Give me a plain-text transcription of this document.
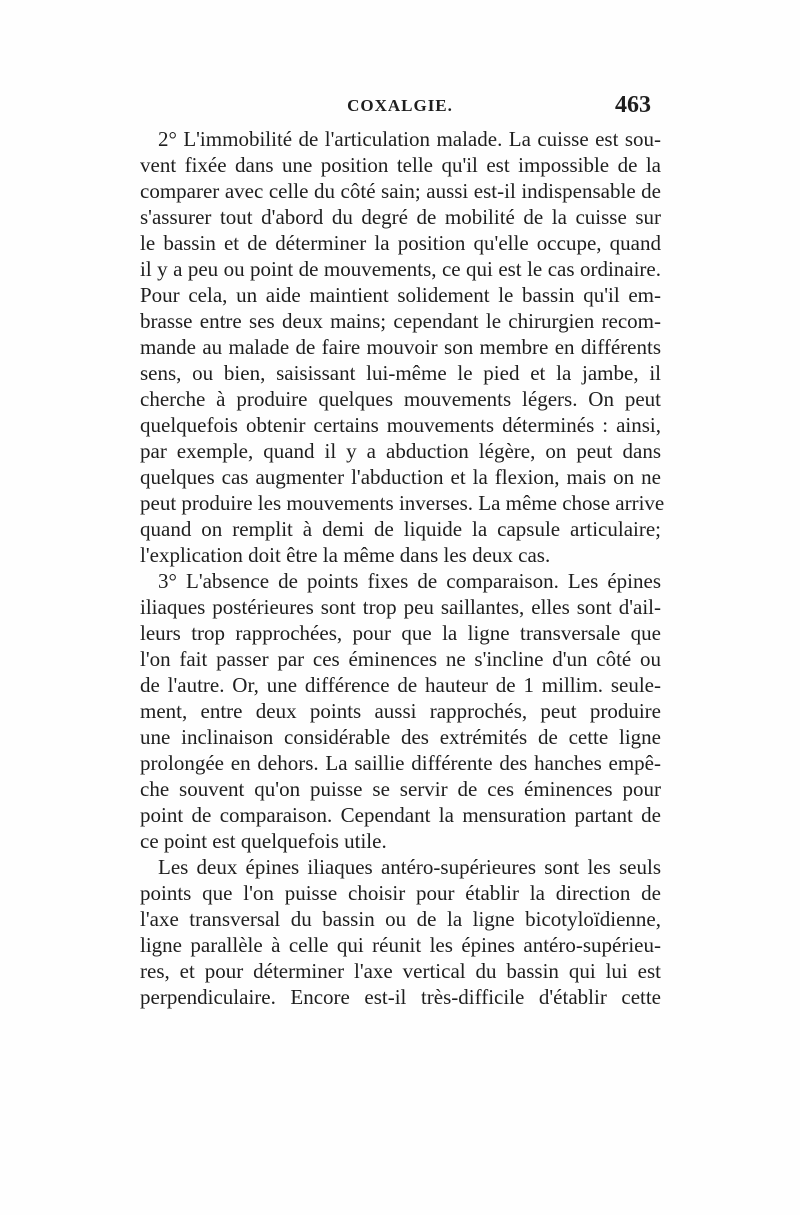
COXALGIE.	463
2° L'immobilité de l'articulation malade. La cuisse est sou-
vent fixée dans une position telle qu'il est impossible de la
comparer avec celle du côté sain; aussi est-il indispensable de
s'assurer tout d'abord du degré de mobilité de la cuisse sur
le bassin et de déterminer la position qu'elle occupe, quand
il y a peu ou point de mouvements, ce qui est le cas ordinaire.
Pour cela, un aide maintient solidement le bassin qu'il em-
brasse entre ses deux mains; cependant le chirurgien recom-
mande au malade de faire mouvoir son membre en différents
sens, ou bien, saisissant lui-même le pied et la jambe, il
cherche à produire quelques mouvements légers. On peut
quelquefois obtenir certains mouvements déterminés : ainsi,
par exemple, quand il y a abduction légère, on peut dans
quelques cas augmenter l'abduction et la flexion, mais on ne
peut produire les mouvements inverses. La même chose arrive
quand on remplit à demi de liquide la capsule articulaire;
l'explication doit être la même dans les deux cas.
3° L'absence de points fixes de comparaison. Les épines
iliaques postérieures sont trop peu saillantes, elles sont d'ail-
leurs trop rapprochées, pour que la ligne transversale que
l'on fait passer par ces éminences ne s'incline d'un côté ou
de l'autre. Or, une différence de hauteur de 1 millim. seule-
ment, entre deux points aussi rapprochés, peut produire
une inclinaison considérable des extrémités de cette ligne
prolongée en dehors. La saillie différente des hanches empê-
che souvent qu'on puisse se servir de ces éminences pour
point de comparaison. Cependant la mensuration partant de
ce point est quelquefois utile.
Les deux épines iliaques antéro-supérieures sont les seuls
points que l'on puisse choisir pour établir la direction de
l'axe transversal du bassin ou de la ligne bicotyloïdienne,
ligne parallèle à celle qui réunit les épines antéro-supérieu-
res, et pour déterminer l'axe vertical du bassin qui lui est
perpendiculaire. Encore est-il très-difficile d'établir cette
